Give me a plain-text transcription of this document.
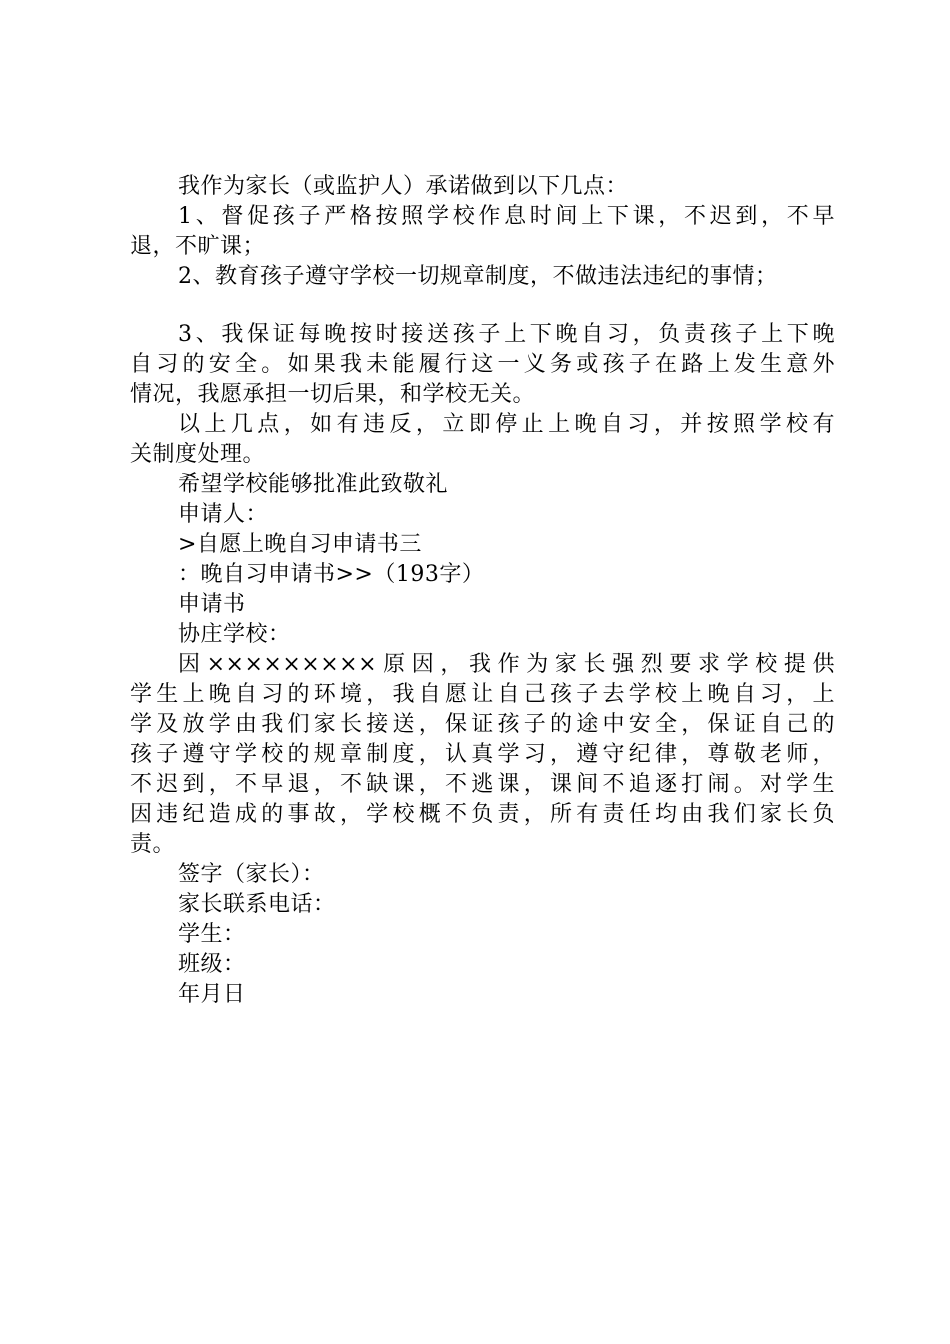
我作为家长（或监护人）承诺做到以下几点：
1、督促孩子严格按照学校作息时间上下课，不迟到，不早
退，不旷课；
2、教育孩子遵守学校一切规章制度，不做违法违纪的事情；
3、我保证每晚按时接送孩子上下晚自习，负责孩子上下晚
自习的安全。如果我未能履行这一义务或孩子在路上发生意外
情况，我愿承担一切后果，和学校无关。
以上几点，如有违反，立即停止上晚自习，并按照学校有
关制度处理。
希望学校能够批准此致敬礼
申请人：
>自愿上晚自习申请书三
：晚自习申请书>>（193字）
申请书
协庄学校：
因×××××××××原因，我作为家长强烈要求学校提供
学生上晚自习的环境，我自愿让自己孩子去学校上晚自习，上
学及放学由我们家长接送，保证孩子的途中安全，保证自己的
孩子遵守学校的规章制度，认真学习，遵守纪律，尊敬老师，
不迟到，不早退，不缺课，不逃课，课间不追逐打闹。对学生
因违纪造成的事故，学校概不负责，所有责任均由我们家长负
责。
签字（家长）：
家长联系电话：
学生：
班级：
年月日
